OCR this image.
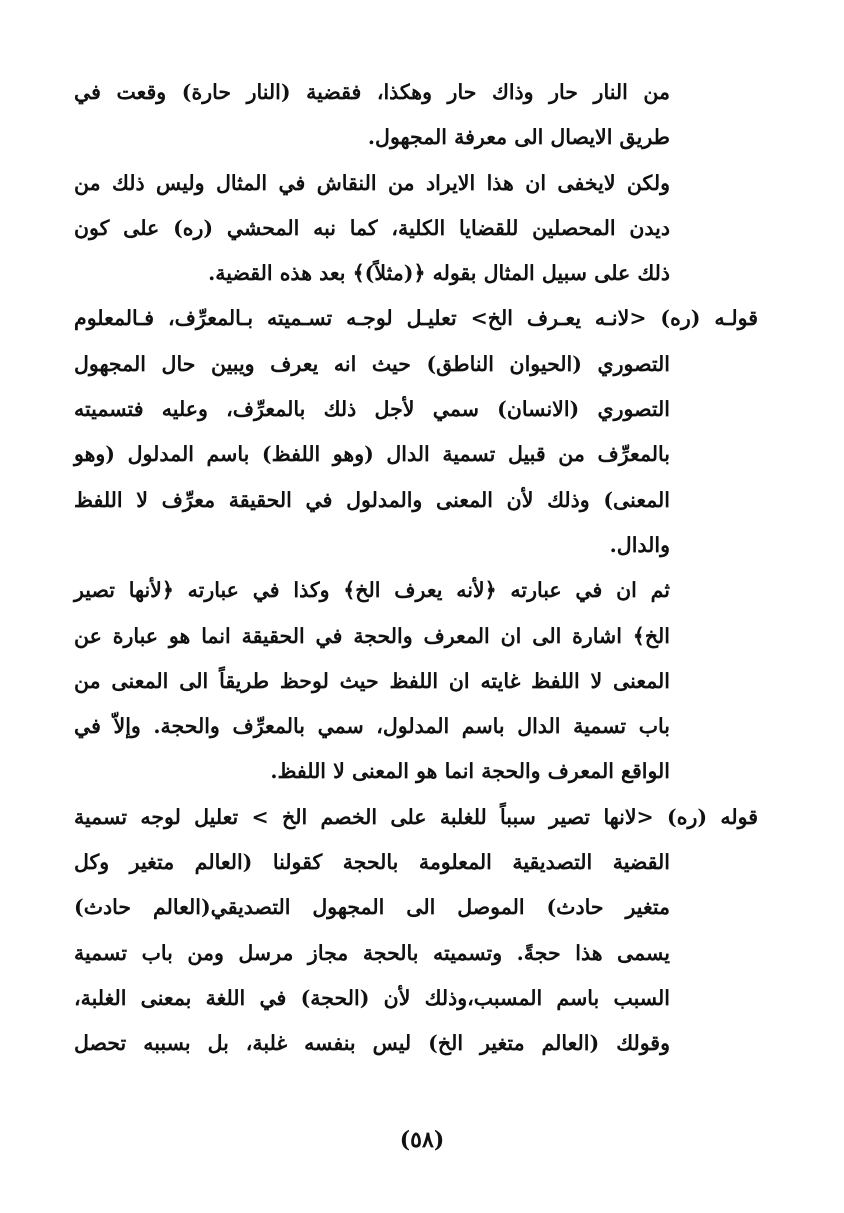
من النار حار وذاك حار وهكذا، فقضية (النار حارة) وقعت في
طريق الايصال الى معرفة المجهول.
ولكن لايخفى ان هذا الايراد من النقاش في المثال وليس ذلك من
ديدن المحصلين للقضايا الكلية، كما نبه المحشي (ره) على كون
ذلك على سبيل المثال بقوله ﴿(مثلاً)﴾ بعد هذه القضية.
قولـه (ره) <لانـه يعـرف الخ> تعليـل لوجـه تسـميته بـالمعرِّف، فـالمعلوم
التصوري (الحيوان الناطق) حيث انه يعرف ويبين حال المجهول
التصوري (الانسان) سمي لأجل ذلك بالمعرِّف، وعليه فتسميته
بالمعرِّف من قبيل تسمية الدال (وهو اللفظ) باسم المدلول (وهو
المعنى) وذلك لأن المعنى والمدلول في الحقيقة معرِّف لا اللفظ
والدال.
ثم ان في عبارته ﴿لأنه يعرف الخ﴾ وكذا في عبارته ﴿لأنها تصير
الخ﴾ اشارة الى ان المعرف والحجة في الحقيقة انما هو عبارة عن
المعنى لا اللفظ غايته ان اللفظ حيث لوحظ طريقاً الى المعنى من
باب تسمية الدال باسم المدلول، سمي بالمعرِّف والحجة. وإلاّ في
الواقع المعرف والحجة انما هو المعنى لا اللفظ.
قوله (ره) <لانها تصير سبباً للغلبة على الخصم الخ > تعليل لوجه تسمية
القضية التصديقية المعلومة بالحجة كقولنا (العالم متغير وكل
متغير حادث) الموصل الى المجهول التصديقي(العالم حادث)
يسمى هذا حجةً. وتسميته بالحجة مجاز مرسل ومن باب تسمية
السبب باسم المسبب،وذلك لأن (الحجة) في اللغة بمعنى الغلبة،
وقولك (العالم متغير الخ) ليس بنفسه غلبة، بل بسببه تحصل
(٥٨)
